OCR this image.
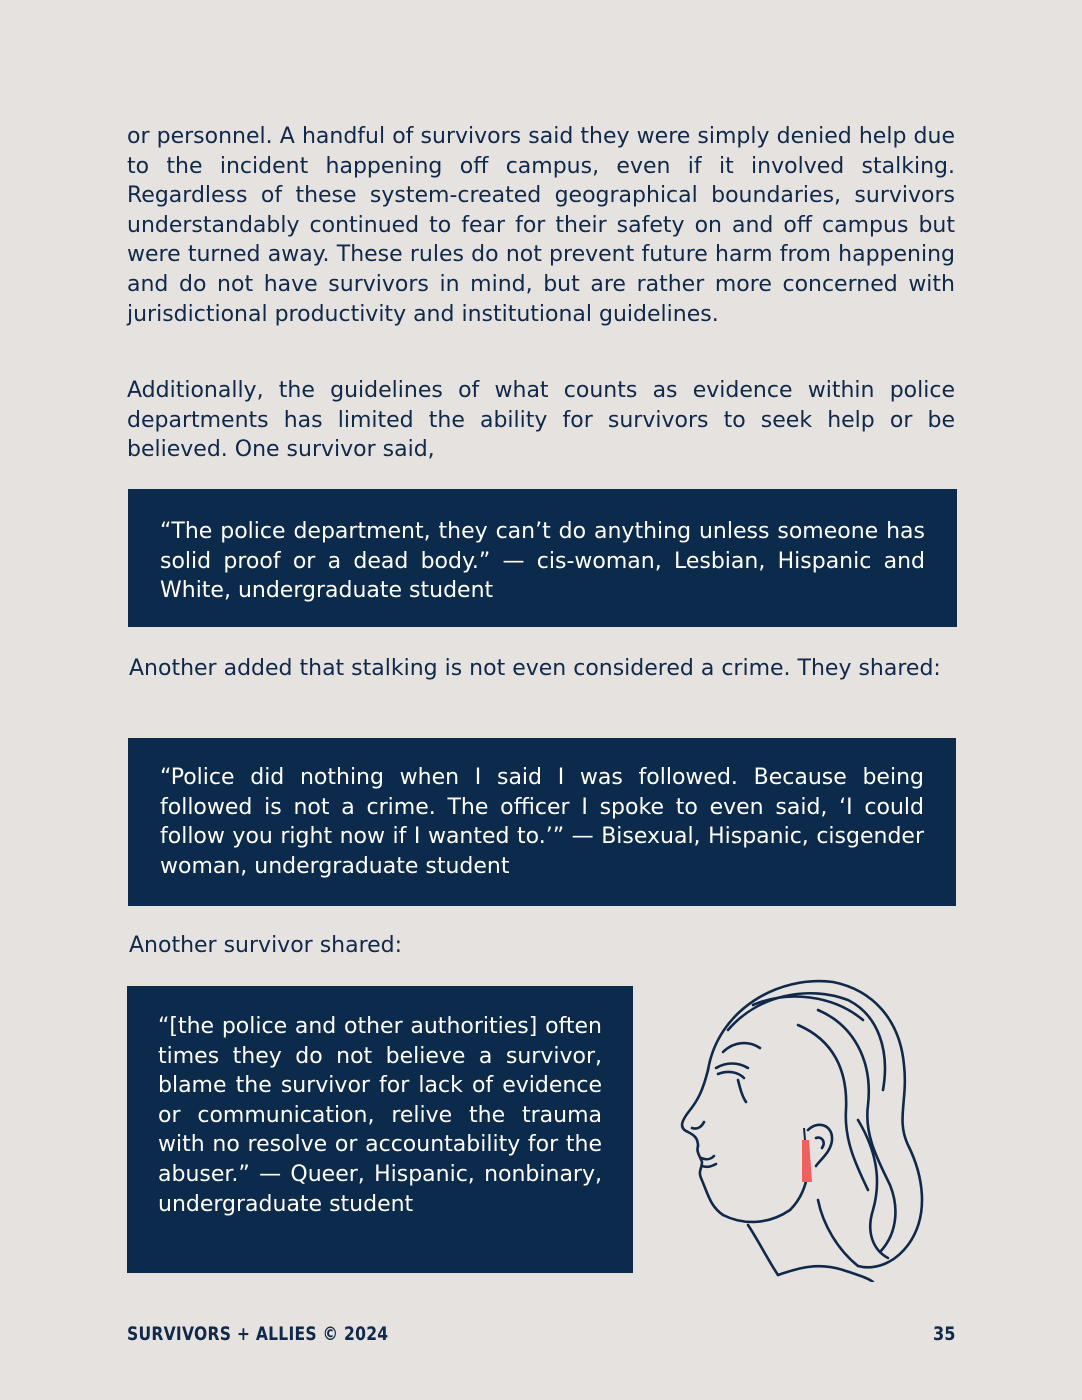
or personnel. A handful of survivors said they were simply denied help due to the incident happening off campus, even if it involved stalking. Regardless of these system-created geographical boundaries, survivors understandably continued to fear for their safety on and off campus but were turned away. These rules do not prevent future harm from happening and do not have survivors in mind, but are rather more concerned with jurisdictional productivity and institutional guidelines.

Additionally, the guidelines of what counts as evidence within police departments has limited the ability for survivors to seek help or be believed. One survivor said,

“The police department, they can’t do anything unless someone has solid proof or a dead body.” — cis-woman, Lesbian, Hispanic and White, undergraduate student

Another added that stalking is not even considered a crime. They shared:

“Police did nothing when I said I was followed. Because being followed is not a crime. The officer I spoke to even said, ‘I could follow you right now if I wanted to.’” — Bisexual, Hispanic, cisgender woman, undergraduate student

Another survivor shared:

“[the police and other authorities] often times they do not believe a survivor, blame the survivor for lack of evidence or communication, relive the trauma with no resolve or accountability for the abuser.” — Queer, Hispanic, nonbinary, undergraduate student

SURVIVORS + ALLIES © 2024	35
